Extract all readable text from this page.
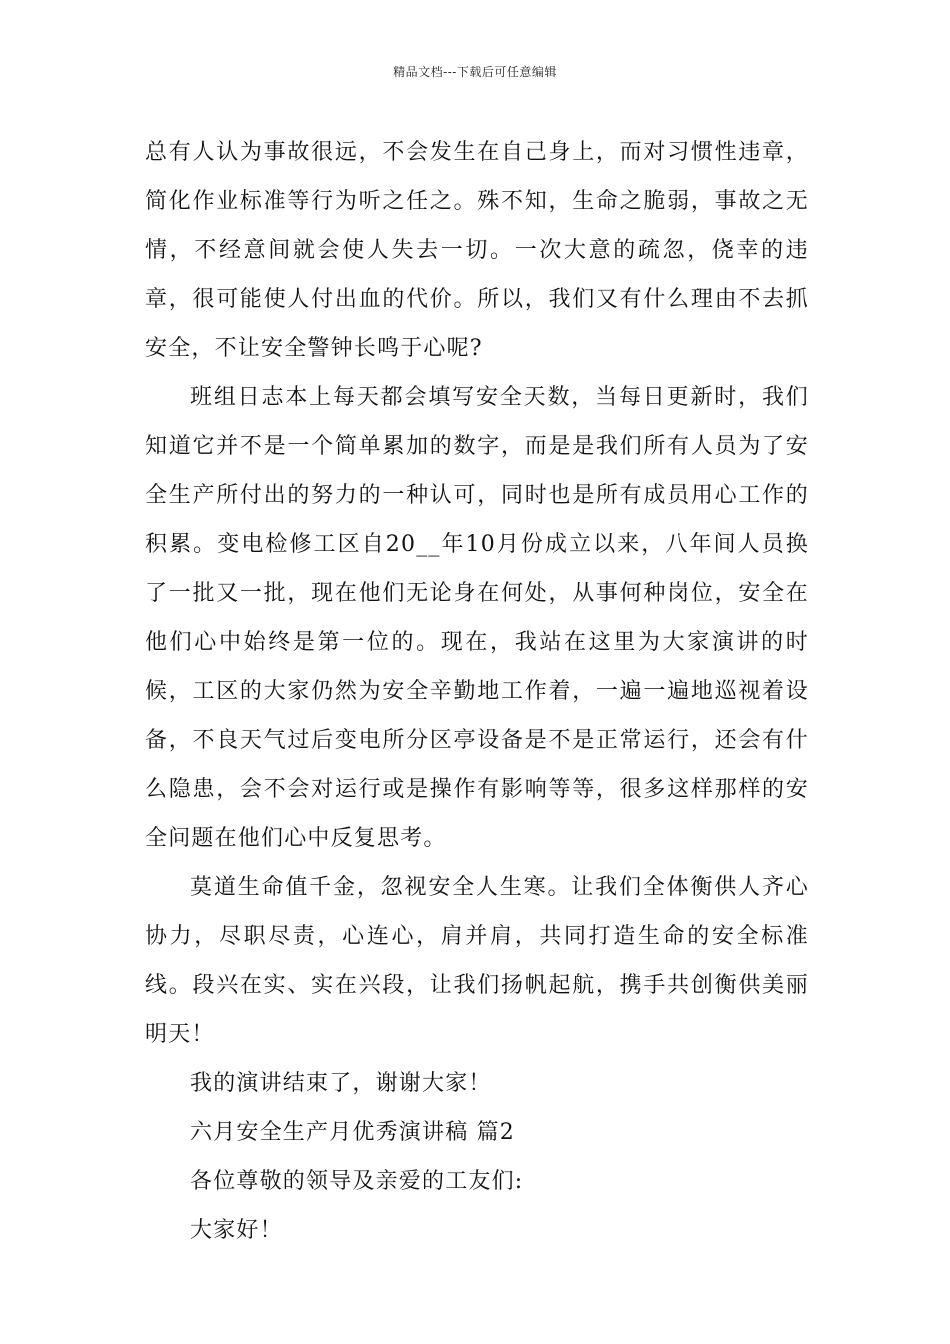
精品文档---下载后可任意编辑

总有人认为事故很远，不会发生在自己身上，而对习惯性违章，简化作业标准等行为听之任之。殊不知，生命之脆弱，事故之无情，不经意间就会使人失去一切。一次大意的疏忽，侥幸的违章，很可能使人付出血的代价。所以，我们又有什么理由不去抓安全，不让安全警钟长鸣于心呢?

班组日志本上每天都会填写安全天数，当每日更新时，我们知道它并不是一个简单累加的数字，而是是我们所有人员为了安全生产所付出的努力的一种认可，同时也是所有成员用心工作的积累。变电检修工区自20__年10月份成立以来，八年间人员换了一批又一批，现在他们无论身在何处，从事何种岗位，安全在他们心中始终是第一位的。现在，我站在这里为大家演讲的时候，工区的大家仍然为安全辛勤地工作着，一遍一遍地巡视着设备，不良天气过后变电所分区亭设备是不是正常运行，还会有什么隐患，会不会对运行或是操作有影响等等，很多这样那样的安全问题在他们心中反复思考。

莫道生命值千金，忽视安全人生寒。让我们全体衡供人齐心协力，尽职尽责，心连心，肩并肩，共同打造生命的安全标准线。段兴在实、实在兴段，让我们扬帆起航，携手共创衡供美丽明天！

我的演讲结束了，谢谢大家！

六月安全生产月优秀演讲稿 篇2

各位尊敬的领导及亲爱的工友们:

大家好！
